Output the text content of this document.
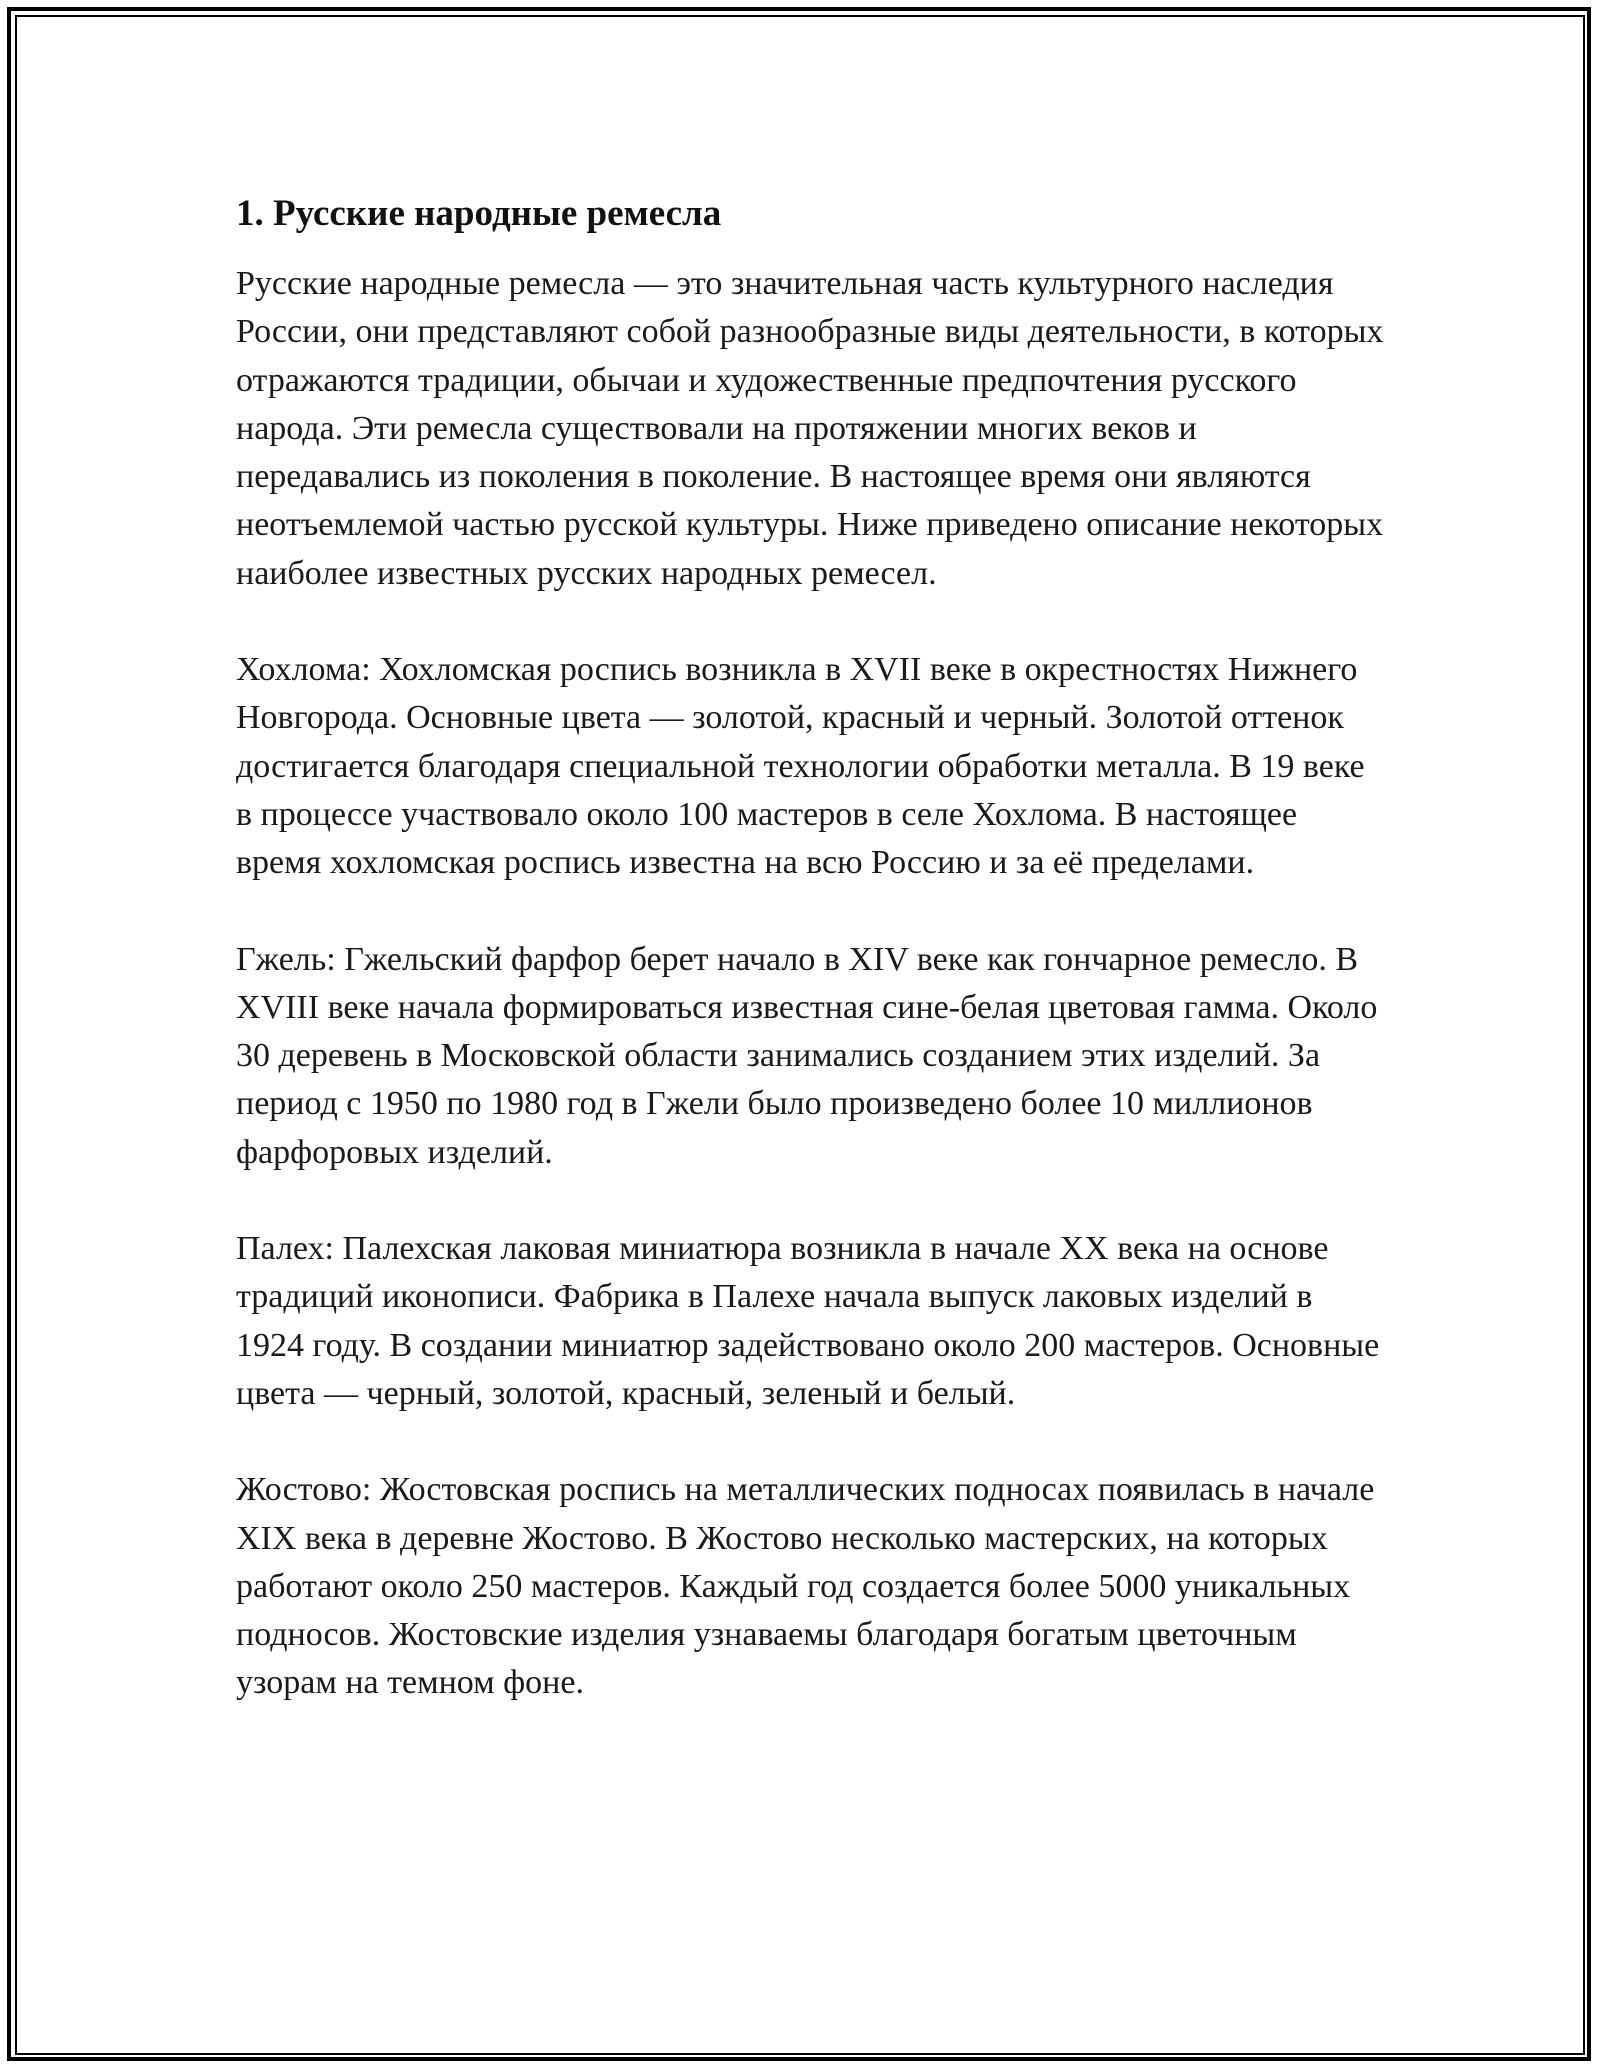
1. Русские народные ремесла

Русские народные ремесла — это значительная часть культурного наследия России, они представляют собой разнообразные виды деятельности, в которых отражаются традиции, обычаи и художественные предпочтения русского народа. Эти ремесла существовали на протяжении многих веков и передавались из поколения в поколение. В настоящее время они являются неотъемлемой частью русской культуры. Ниже приведено описание некоторых наиболее известных русских народных ремесел.

Хохлома: Хохломская роспись возникла в XVII веке в окрестностях Нижнего Новгорода. Основные цвета — золотой, красный и черный. Золотой оттенок достигается благодаря специальной технологии обработки металла. В 19 веке в процессе участвовало около 100 мастеров в селе Хохлома. В настоящее время хохломская роспись известна на всю Россию и за её пределами.

Гжель: Гжельский фарфор берет начало в XIV веке как гончарное ремесло. В XVIII веке начала формироваться известная сине-белая цветовая гамма. Около 30 деревень в Московской области занимались созданием этих изделий. За период с 1950 по 1980 год в Гжели было произведено более 10 миллионов фарфоровых изделий.

Палех: Палехская лаковая миниатюра возникла в начале XX века на основе традиций иконописи. Фабрика в Палехе начала выпуск лаковых изделий в 1924 году. В создании миниатюр задействовано около 200 мастеров. Основные цвета — черный, золотой, красный, зеленый и белый.

Жостово: Жостовская роспись на металлических подносах появилась в начале XIX века в деревне Жостово. В Жостово несколько мастерских, на которых работают около 250 мастеров. Каждый год создается более 5000 уникальных подносов. Жостовские изделия узнаваемы благодаря богатым цветочным узорам на темном фоне.
